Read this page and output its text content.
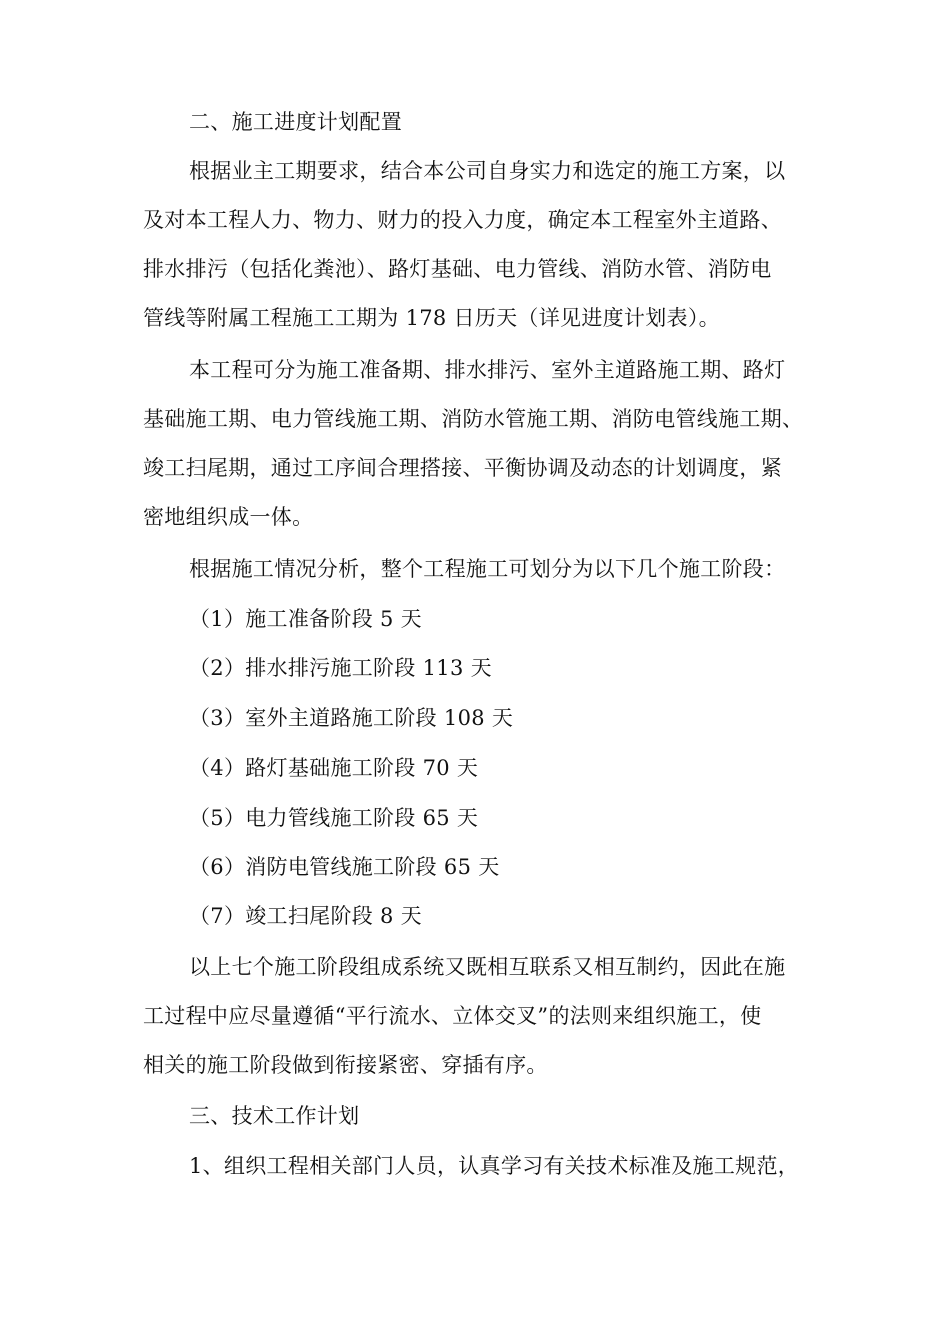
二、施工进度计划配置

根据业主工期要求，结合本公司自身实力和选定的施工方案，以
及对本工程人力、物力、财力的投入力度，确定本工程室外主道路、
排水排污（包括化粪池）、路灯基础、电力管线、消防水管、消防电
管线等附属工程施工工期为 178 日历天（详见进度计划表）。
本工程可分为施工准备期、排水排污、室外主道路施工期、路灯
基础施工期、电力管线施工期、消防水管施工期、消防电管线施工期、
竣工扫尾期，通过工序间合理搭接、平衡协调及动态的计划调度，紧
密地组织成一体。
根据施工情况分析，整个工程施工可划分为以下几个施工阶段：

（1）施工准备阶段 5 天

（2）排水排污施工阶段 113 天

（3）室外主道路施工阶段 108 天

（4）路灯基础施工阶段 70 天

（5）电力管线施工阶段 65 天

（6）消防电管线施工阶段 65 天

（7）竣工扫尾阶段 8 天

以上七个施工阶段组成系统又既相互联系又相互制约，因此在施
工过程中应尽量遵循“平行流水、立体交叉”的法则来组织施工，使
相关的施工阶段做到衔接紧密、穿插有序。

三、技术工作计划

1、组织工程相关部门人员，认真学习有关技术标准及施工规范，
